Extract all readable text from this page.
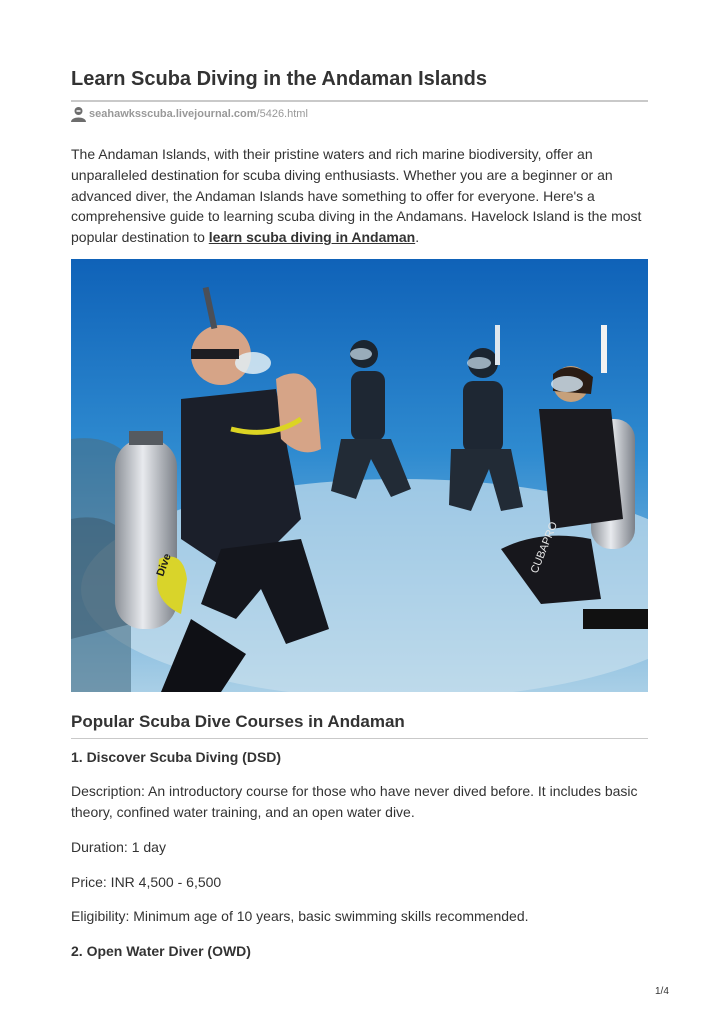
Learn Scuba Diving in the Andaman Islands
seahawksscuba.livejournal.com /5426.html

The Andaman Islands, with their pristine waters and rich marine biodiversity, offer an unparalleled destination for scuba diving enthusiasts. Whether you are a beginner or an advanced diver, the Andaman Islands have something to offer for everyone. Here's a comprehensive guide to learning scuba diving in the Andamans. Havelock Island is the most popular destination to learn scuba diving in Andaman.

CUBAPRO
Dive
Popular Scuba Dive Courses in Andaman
1. Discover Scuba Diving (DSD)

Description: An introductory course for those who have never dived before. It includes basic theory, confined water training, and an open water dive.

Duration: 1 day

Price: INR 4,500 - 6,500

Eligibility: Minimum age of 10 years, basic swimming skills recommended.

2. Open Water Diver (OWD)
1/4
